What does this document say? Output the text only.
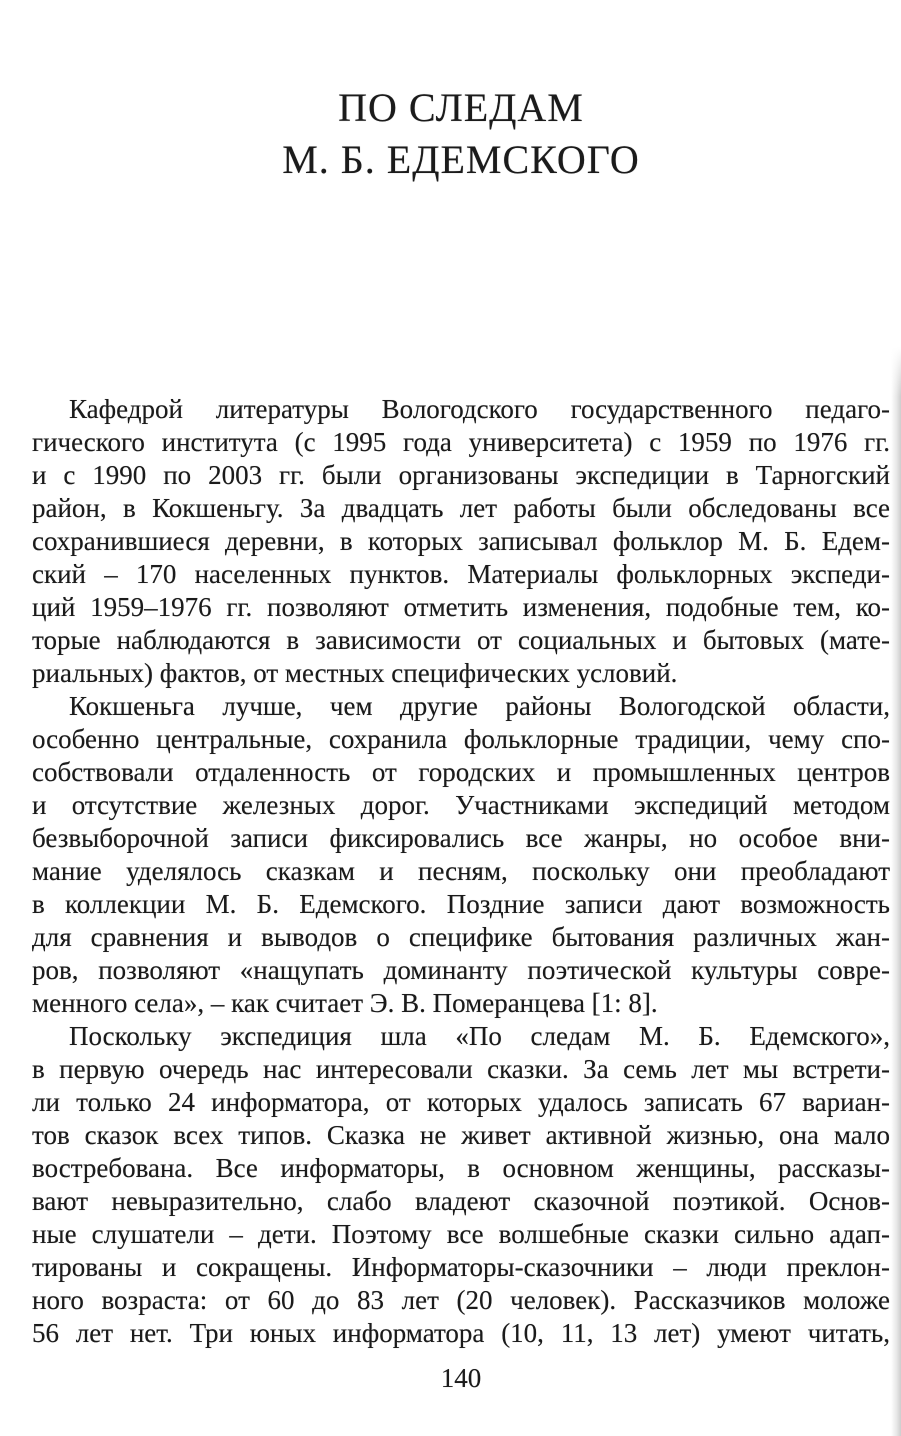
ПО СЛЕДАМ
М. Б. ЕДЕМСКОГО
Кафедрой литературы Вологодского государственного педаго-
гического института (с 1995 года университета) с 1959 по 1976 гг.
и с 1990 по 2003 гг. были организованы экспедиции в Тарногский
район, в Кокшеньгу. За двадцать лет работы были обследованы все
сохранившиеся деревни, в которых записывал фольклор М. Б. Едем-
ский – 170 населенных пунктов. Материалы фольклорных экспеди-
ций 1959–1976 гг. позволяют отметить изменения, подобные тем, ко-
торые наблюдаются в зависимости от социальных и бытовых (мате-
риальных) фактов, от местных специфических условий.
Кокшеньга лучше, чем другие районы Вологодской области,
особенно центральные, сохранила фольклорные традиции, чему спо-
собствовали отдаленность от городских и промышленных центров
и отсутствие железных дорог. Участниками экспедиций методом
безвыборочной записи фиксировались все жанры, но особое вни-
мание уделялось сказкам и песням, поскольку они преобладают
в коллекции М. Б. Едемского. Поздние записи дают возможность
для сравнения и выводов о специфике бытования различных жан-
ров, позволяют «нащупать доминанту поэтической культуры совре-
менного села», – как считает Э. В. Померанцева [1: 8].
Поскольку экспедиция шла «По следам М. Б. Едемского»,
в первую очередь нас интересовали сказки. За семь лет мы встрети-
ли только 24 информатора, от которых удалось записать 67 вариан-
тов сказок всех типов. Сказка не живет активной жизнью, она мало
востребована. Все информаторы, в основном женщины, рассказы-
вают невыразительно, слабо владеют сказочной поэтикой. Основ-
ные слушатели – дети. Поэтому все волшебные сказки сильно адап-
тированы и сокращены. Информаторы-сказочники – люди преклон-
ного возраста: от 60 до 83 лет (20 человек). Рассказчиков моложе
56 лет нет. Три юных информатора (10, 11, 13 лет) умеют читать,
140
